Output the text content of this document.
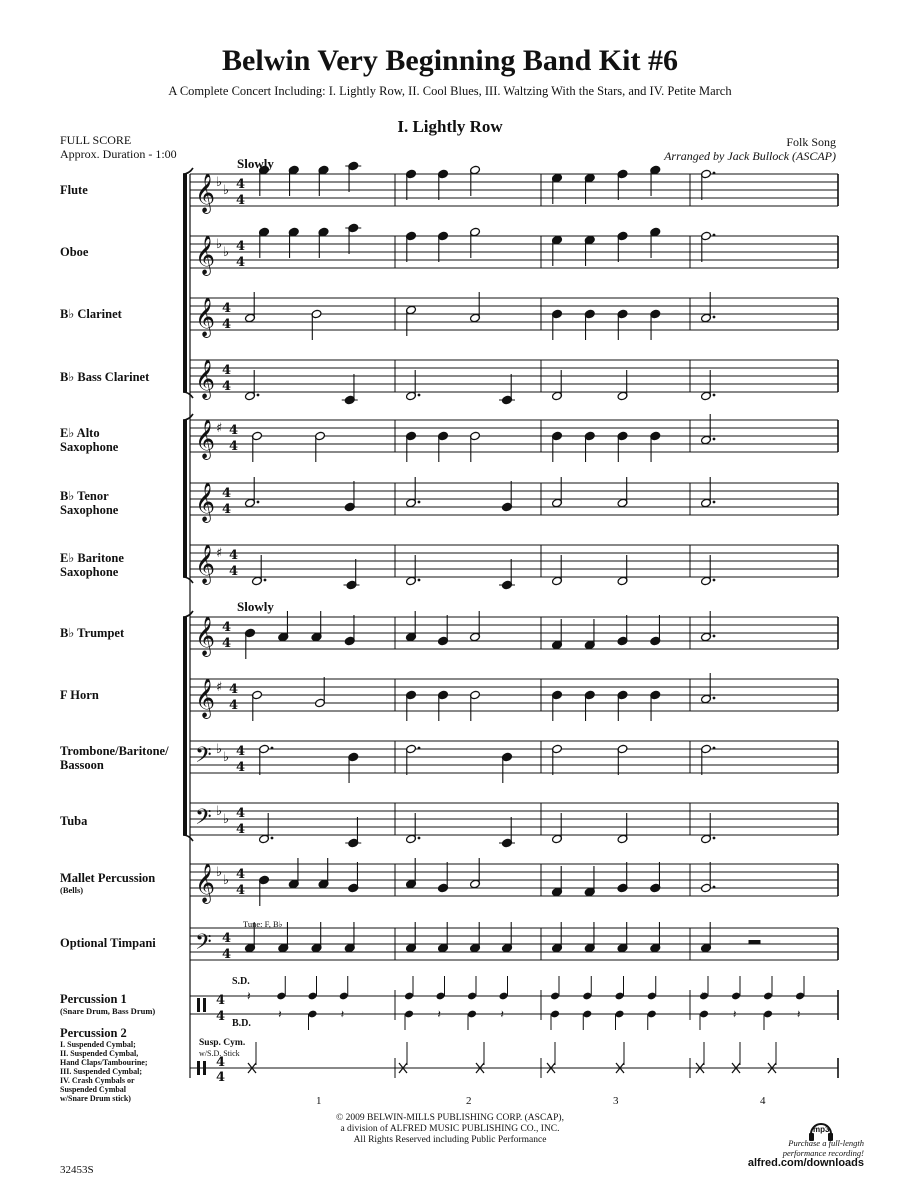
𝄞 ♭
♭ 4
4
𝄞 ♭
♭ 4
4
𝄞 4
4
𝄞 4
4
𝄞 ♯ 4
4
𝄞 4
4
𝄞 ♯ 4
4
𝄞 4
4
𝄞 ♯ 4
4
𝄢 ♭
♭ 4
4
𝄢 ♭
♭ 4
4
𝄞 ♭
♭ 4
4
𝄢 4
4
4
4
𝄽
𝄽	𝄽	𝄽	𝄽	𝄽	𝄽
4
4
Belwin Very Beginning Band Kit #6
A Complete Concert Including: I. Lightly Row, II. Cool Blues, III. Waltzing With the Stars, and IV. Petite March
I. Lightly Row
FULL SCORE
Approx. Duration - 1:00
Folk Song
Arranged by Jack Bullock (ASCAP)
Slowly
Slowly
Flute
Oboe
B♭ Clarinet
B♭ Bass Clarinet
E♭ Alto
Saxophone
B♭ Tenor
Saxophone
E♭ Baritone
Saxophone
B♭ Trumpet
F Horn
Trombone/Baritone/
Bassoon
Tuba
Mallet Percussion
(Bells)
Optional Timpani
Percussion 1
(Snare Drum, Bass Drum)
Percussion 2
I. Suspended Cymbal;
II. Suspended Cymbal,
Hand Claps/Tambourine;
III. Suspended Cymbal;
IV. Crash Cymbals or
Suspended Cymbal
w/Snare Drum stick)
Tune: F, B♭
S.D.
B.D.
Susp. Cym.
w/S.D. Stick
1	2	3	4
© 2009 BELWIN-MILLS PUBLISHING CORP. (ASCAP),
a division of ALFRED MUSIC PUBLISHING CO., INC.
All Rights Reserved including Public Performance
32453S
mp3
Purchase a full-length
performance recording!
alfred.com/downloads
